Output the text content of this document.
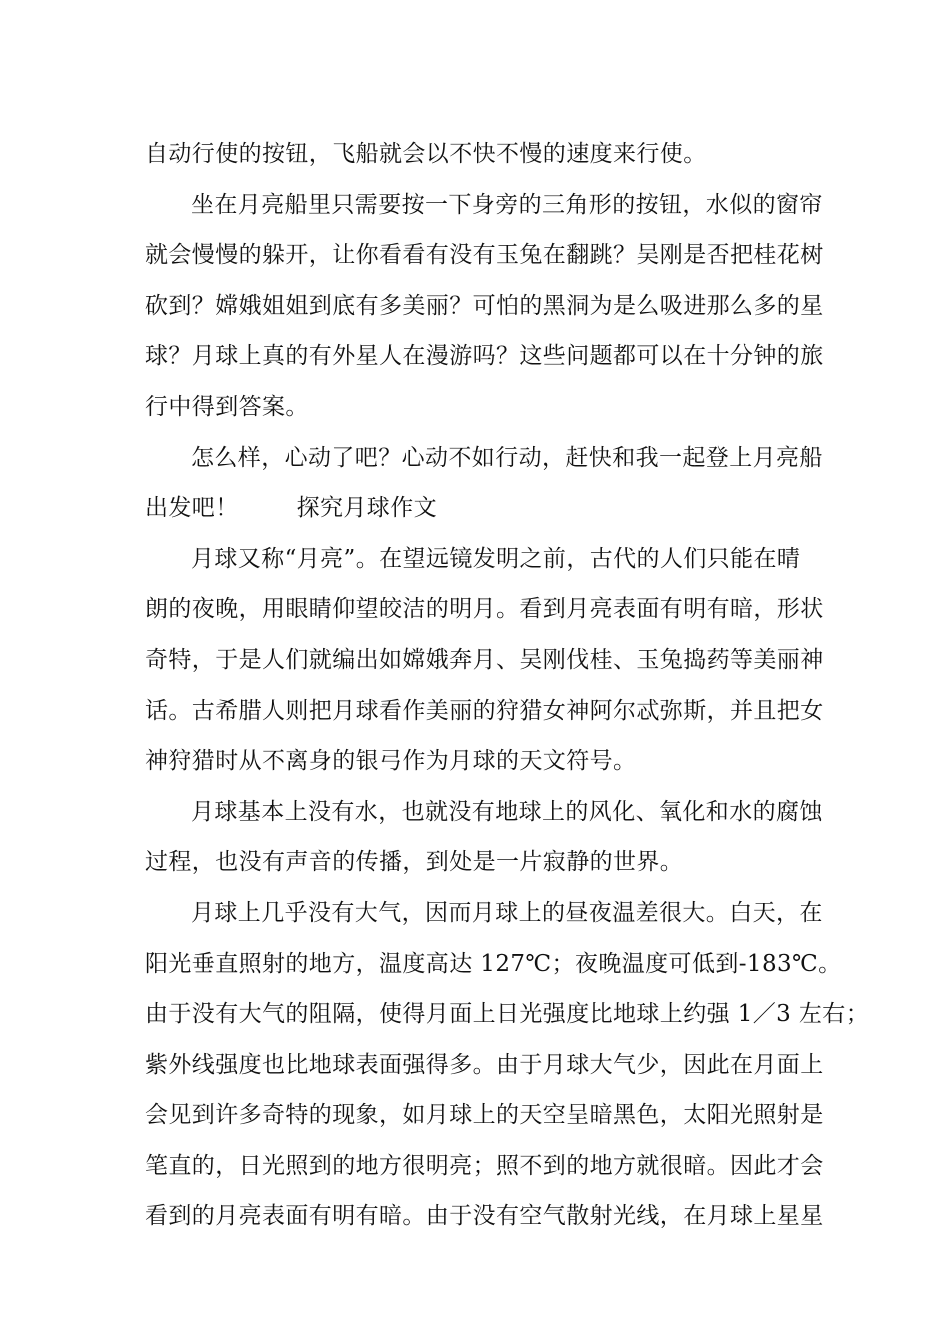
自动行使的按钮，飞船就会以不快不慢的速度来行使。
坐在月亮船里只需要按一下身旁的三角形的按钮，水似的窗帘
就会慢慢的躲开，让你看看有没有玉兔在翻跳？吴刚是否把桂花树
砍到？嫦娥姐姐到底有多美丽？可怕的黑洞为是么吸进那么多的星
球？月球上真的有外星人在漫游吗？这些问题都可以在十分钟的旅
行中得到答案。
怎么样，心动了吧？心动不如行动，赶快和我一起登上月亮船
出发吧！	探究月球作文
月球又称“月亮”。在望远镜发明之前，古代的人们只能在晴
朗的夜晚，用眼睛仰望皎洁的明月。看到月亮表面有明有暗，形状
奇特，于是人们就编出如嫦娥奔月、吴刚伐桂、玉兔捣药等美丽神
话。古希腊人则把月球看作美丽的狩猎女神阿尔忒弥斯，并且把女
神狩猎时从不离身的银弓作为月球的天文符号。
月球基本上没有水，也就没有地球上的风化、氧化和水的腐蚀
过程，也没有声音的传播，到处是一片寂静的世界。
月球上几乎没有大气，因而月球上的昼夜温差很大。白天，在
阳光垂直照射的地方，温度高达 127℃；夜晚温度可低到-183℃。
由于没有大气的阻隔，使得月面上日光强度比地球上约强 1／3 左右；
紫外线强度也比地球表面强得多。由于月球大气少，因此在月面上
会见到许多奇特的现象，如月球上的天空呈暗黑色，太阳光照射是
笔直的，日光照到的地方很明亮；照不到的地方就很暗。因此才会
看到的月亮表面有明有暗。由于没有空气散射光线，在月球上星星
